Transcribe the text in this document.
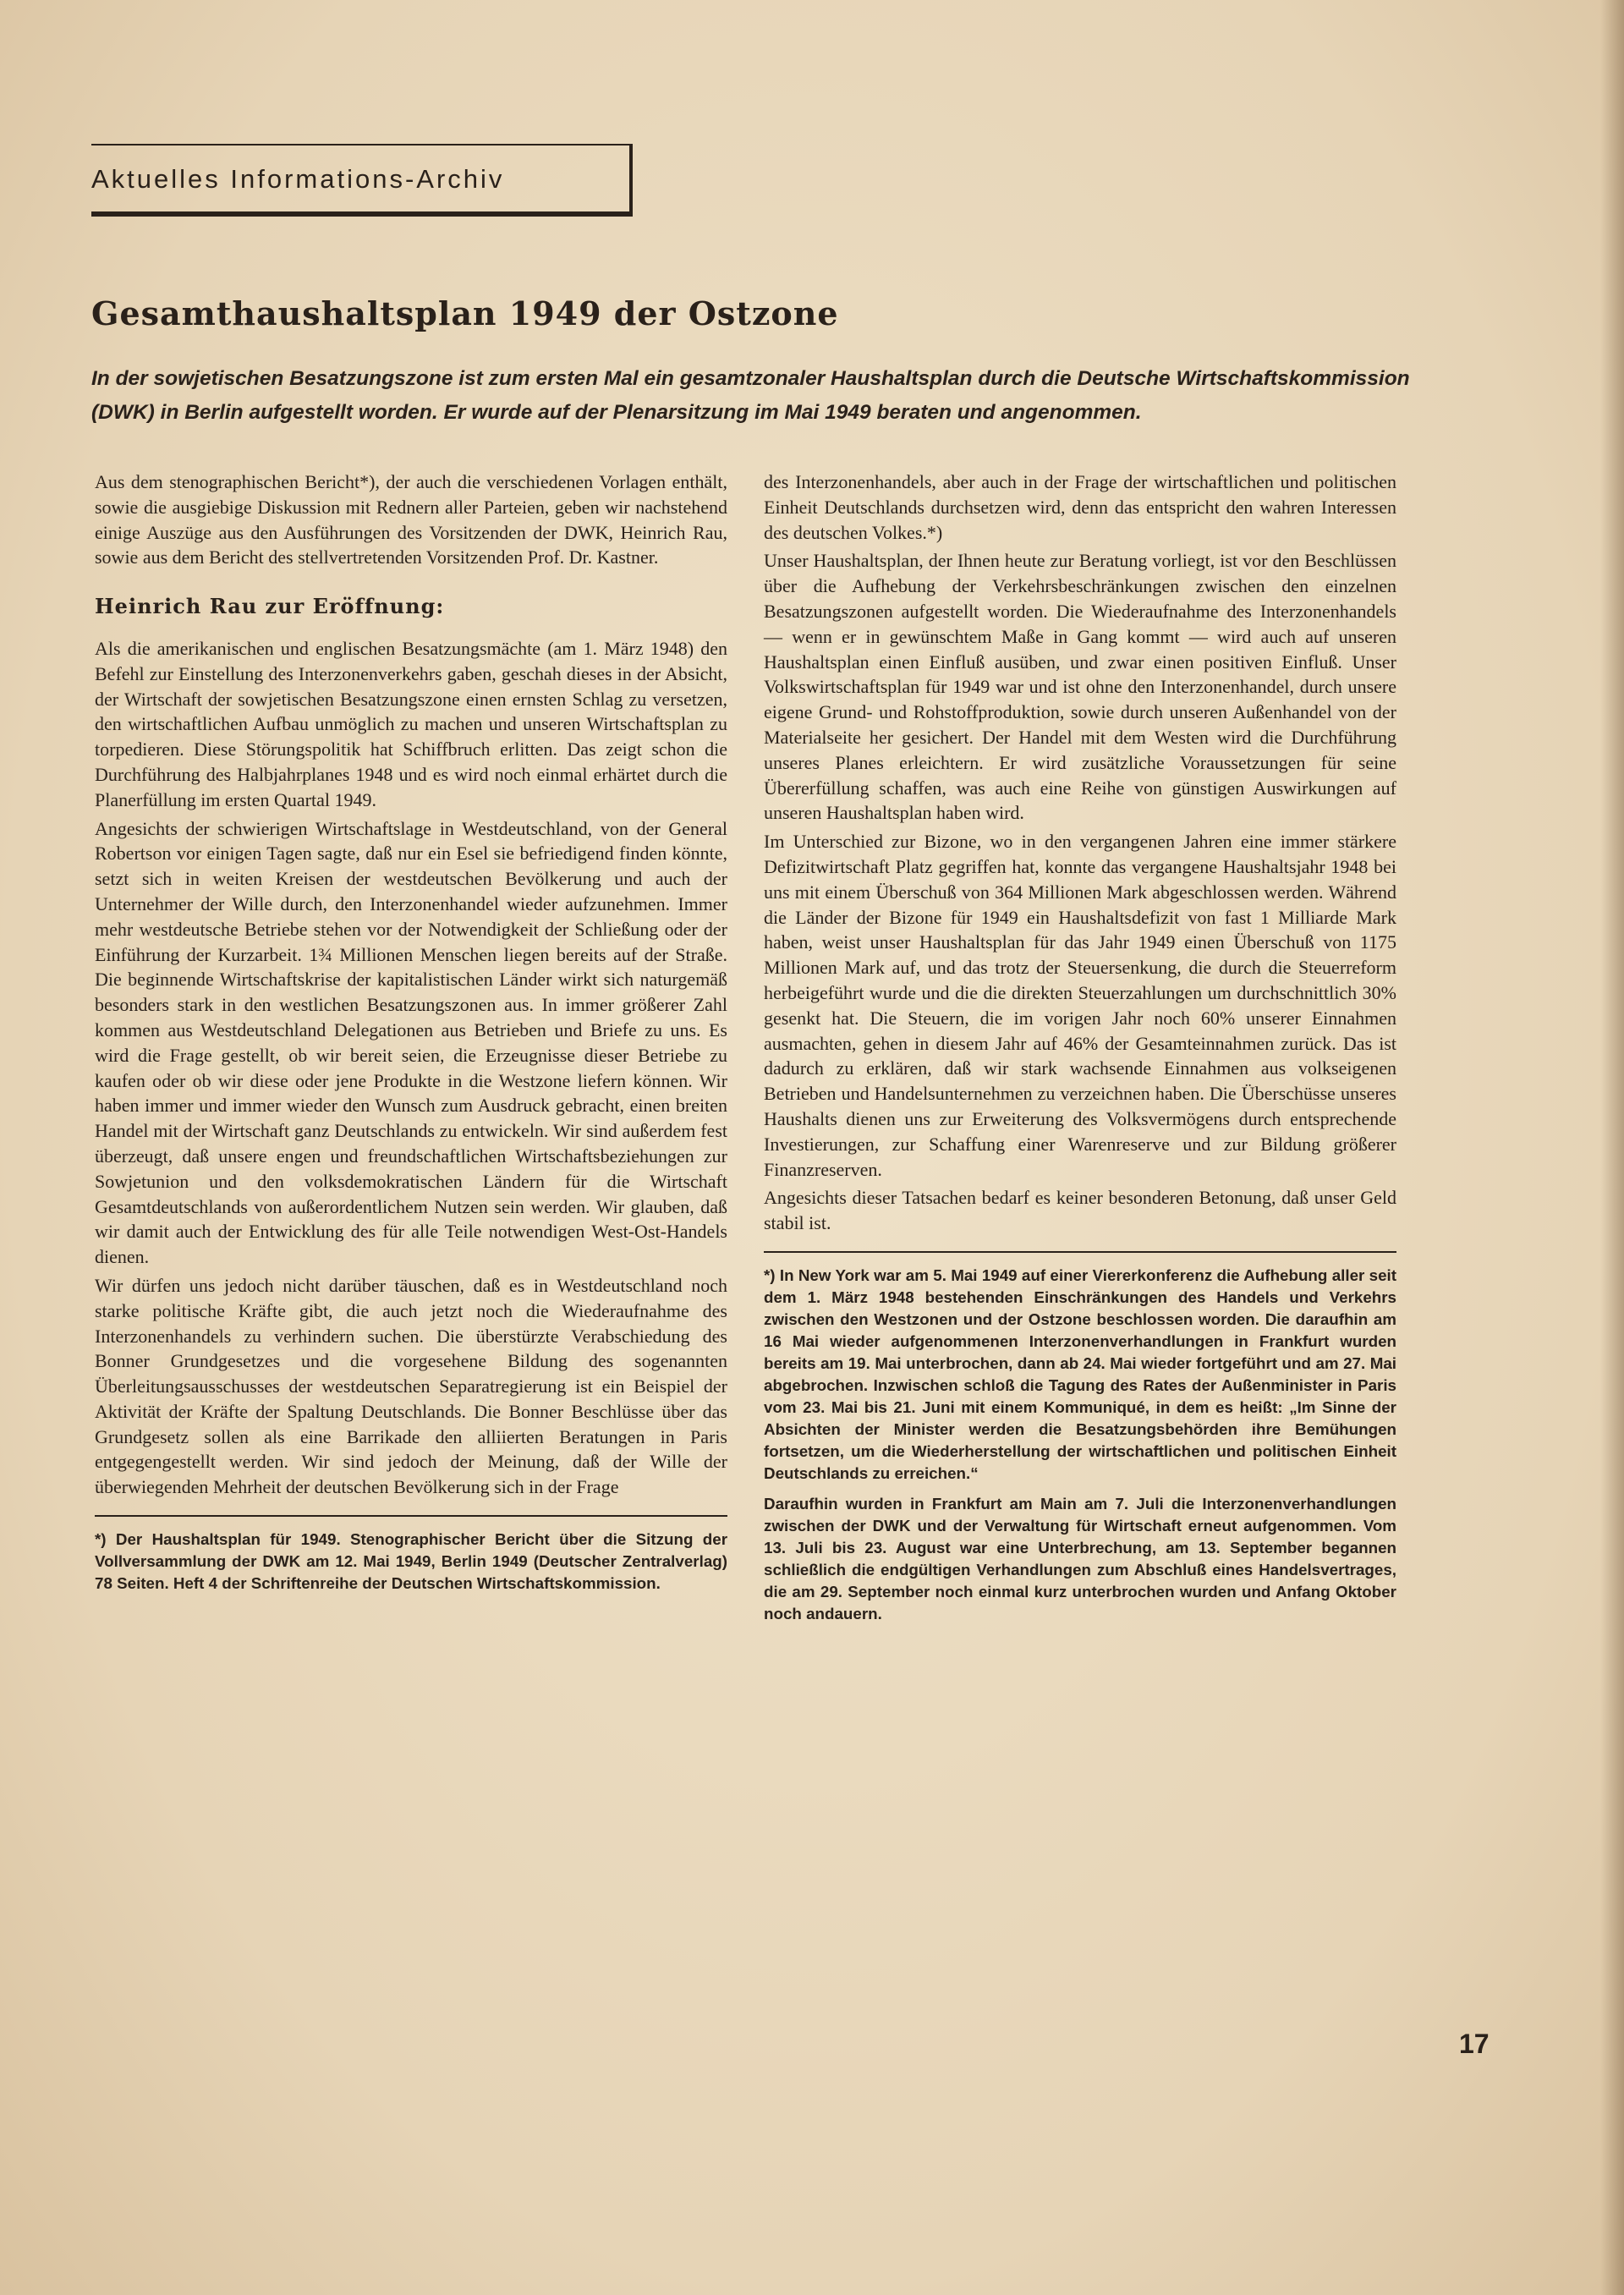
Aktuelles Informations-Archiv
Gesamthaushaltsplan 1949 der Ostzone
In der sowjetischen Besatzungszone ist zum ersten Mal ein gesamtzonaler Haushaltsplan durch die Deutsche Wirtschaftskommission (DWK) in Berlin aufgestellt worden. Er wurde auf der Plenarsitzung im Mai 1949 beraten und angenommen.

Aus dem stenographischen Bericht*), der auch die verschiedenen Vorlagen enthält, sowie die ausgiebige Diskussion mit Rednern aller Parteien, geben wir nachstehend einige Auszüge aus den Ausführungen des Vorsitzenden der DWK, Heinrich Rau, sowie aus dem Bericht des stellvertretenden Vorsitzenden Prof. Dr. Kastner.

Heinrich Rau zur Eröffnung:

Als die amerikanischen und englischen Besatzungsmächte (am 1. März 1948) den Befehl zur Einstellung des Interzonenverkehrs gaben, geschah dieses in der Absicht, der Wirtschaft der sowjetischen Besatzungszone einen ernsten Schlag zu versetzen, den wirtschaftlichen Aufbau unmöglich zu machen und unseren Wirtschaftsplan zu torpedieren. Diese Störungspolitik hat Schiffbruch erlitten. Das zeigt schon die Durchführung des Halbjahrplanes 1948 und es wird noch einmal erhärtet durch die Planerfüllung im ersten Quartal 1949.

Angesichts der schwierigen Wirtschaftslage in Westdeutschland, von der General Robertson vor einigen Tagen sagte, daß nur ein Esel sie befriedigend finden könnte, setzt sich in weiten Kreisen der westdeutschen Bevölkerung und auch der Unternehmer der Wille durch, den Interzonenhandel wieder aufzunehmen. Immer mehr westdeutsche Betriebe stehen vor der Notwendigkeit der Schließung oder der Einführung der Kurzarbeit. 1¾ Millionen Menschen liegen bereits auf der Straße. Die beginnende Wirtschaftskrise der kapitalistischen Länder wirkt sich naturgemäß besonders stark in den westlichen Besatzungszonen aus. In immer größerer Zahl kommen aus Westdeutschland Delegationen aus Betrieben und Briefe zu uns. Es wird die Frage gestellt, ob wir bereit seien, die Erzeugnisse dieser Betriebe zu kaufen oder ob wir diese oder jene Produkte in die Westzone liefern können. Wir haben immer und immer wieder den Wunsch zum Ausdruck gebracht, einen breiten Handel mit der Wirtschaft ganz Deutschlands zu entwickeln. Wir sind außerdem fest überzeugt, daß unsere engen und freundschaftlichen Wirtschaftsbeziehungen zur Sowjetunion und den volksdemokratischen Ländern für die Wirtschaft Gesamtdeutschlands von außerordentlichem Nutzen sein werden. Wir glauben, daß wir damit auch der Entwicklung des für alle Teile notwendigen West-Ost-Handels dienen.

Wir dürfen uns jedoch nicht darüber täuschen, daß es in Westdeutschland noch starke politische Kräfte gibt, die auch jetzt noch die Wiederaufnahme des Interzonenhandels zu verhindern suchen. Die überstürzte Verabschiedung des Bonner Grundgesetzes und die vorgesehene Bildung des sogenannten Überleitungsausschusses der westdeutschen Separatregierung ist ein Beispiel der Aktivität der Kräfte der Spaltung Deutschlands. Die Bonner Beschlüsse über das Grundgesetz sollen als eine Barrikade den alliierten Beratungen in Paris entgegengestellt werden. Wir sind jedoch der Meinung, daß der Wille der überwiegenden Mehrheit der deutschen Bevölkerung sich in der Frage

*) Der Haushaltsplan für 1949. Stenographischer Bericht über die Sitzung der Vollversammlung der DWK am 12. Mai 1949, Berlin 1949 (Deutscher Zentralverlag) 78 Seiten. Heft 4 der Schriftenreihe der Deutschen Wirtschaftskommission.

des Interzonenhandels, aber auch in der Frage der wirtschaftlichen und politischen Einheit Deutschlands durchsetzen wird, denn das entspricht den wahren Interessen des deutschen Volkes.*)

Unser Haushaltsplan, der Ihnen heute zur Beratung vorliegt, ist vor den Beschlüssen über die Aufhebung der Verkehrsbeschränkungen zwischen den einzelnen Besatzungszonen aufgestellt worden. Die Wiederaufnahme des Interzonenhandels — wenn er in gewünschtem Maße in Gang kommt — wird auch auf unseren Haushaltsplan einen Einfluß ausüben, und zwar einen positiven Einfluß. Unser Volkswirtschaftsplan für 1949 war und ist ohne den Interzonenhandel, durch unsere eigene Grund- und Rohstoffproduktion, sowie durch unseren Außenhandel von der Materialseite her gesichert. Der Handel mit dem Westen wird die Durchführung unseres Planes erleichtern. Er wird zusätzliche Voraussetzungen für seine Übererfüllung schaffen, was auch eine Reihe von günstigen Auswirkungen auf unseren Haushaltsplan haben wird.

Im Unterschied zur Bizone, wo in den vergangenen Jahren eine immer stärkere Defizitwirtschaft Platz gegriffen hat, konnte das vergangene Haushaltsjahr 1948 bei uns mit einem Überschuß von 364 Millionen Mark abgeschlossen werden. Während die Länder der Bizone für 1949 ein Haushaltsdefizit von fast 1 Milliarde Mark haben, weist unser Haushaltsplan für das Jahr 1949 einen Überschuß von 1175 Millionen Mark auf, und das trotz der Steuersenkung, die durch die Steuerreform herbeigeführt wurde und die die direkten Steuerzahlungen um durchschnittlich 30% gesenkt hat. Die Steuern, die im vorigen Jahr noch 60% unserer Einnahmen ausmachten, gehen in diesem Jahr auf 46% der Gesamteinnahmen zurück. Das ist dadurch zu erklären, daß wir stark wachsende Einnahmen aus volkseigenen Betrieben und Handelsunternehmen zu verzeichnen haben. Die Überschüsse unseres Haushalts dienen uns zur Erweiterung des Volksvermögens durch entsprechende Investierungen, zur Schaffung einer Warenreserve und zur Bildung größerer Finanzreserven.

Angesichts dieser Tatsachen bedarf es keiner besonderen Betonung, daß unser Geld stabil ist.

*) In New York war am 5. Mai 1949 auf einer Viererkonferenz die Aufhebung aller seit dem 1. März 1948 bestehenden Einschränkungen des Handels und Verkehrs zwischen den Westzonen und der Ostzone beschlossen worden. Die daraufhin am 16 Mai wieder aufgenommenen Interzonenverhandlungen in Frankfurt wurden bereits am 19. Mai unterbrochen, dann ab 24. Mai wieder fortgeführt und am 27. Mai abgebrochen. Inzwischen schloß die Tagung des Rates der Außenminister in Paris vom 23. Mai bis 21. Juni mit einem Kommuniqué, in dem es heißt: „Im Sinne der Absichten der Minister werden die Besatzungsbehörden ihre Bemühungen fortsetzen, um die Wiederherstellung der wirtschaftlichen und politischen Einheit Deutschlands zu erreichen.“

Daraufhin wurden in Frankfurt am Main am 7. Juli die Interzonenverhandlungen zwischen der DWK und der Verwaltung für Wirtschaft erneut aufgenommen. Vom 13. Juli bis 23. August war eine Unterbrechung, am 13. September begannen schließlich die endgültigen Verhandlungen zum Abschluß eines Handelsvertrages, die am 29. September noch einmal kurz unterbrochen wurden und Anfang Oktober noch andauern.

17
